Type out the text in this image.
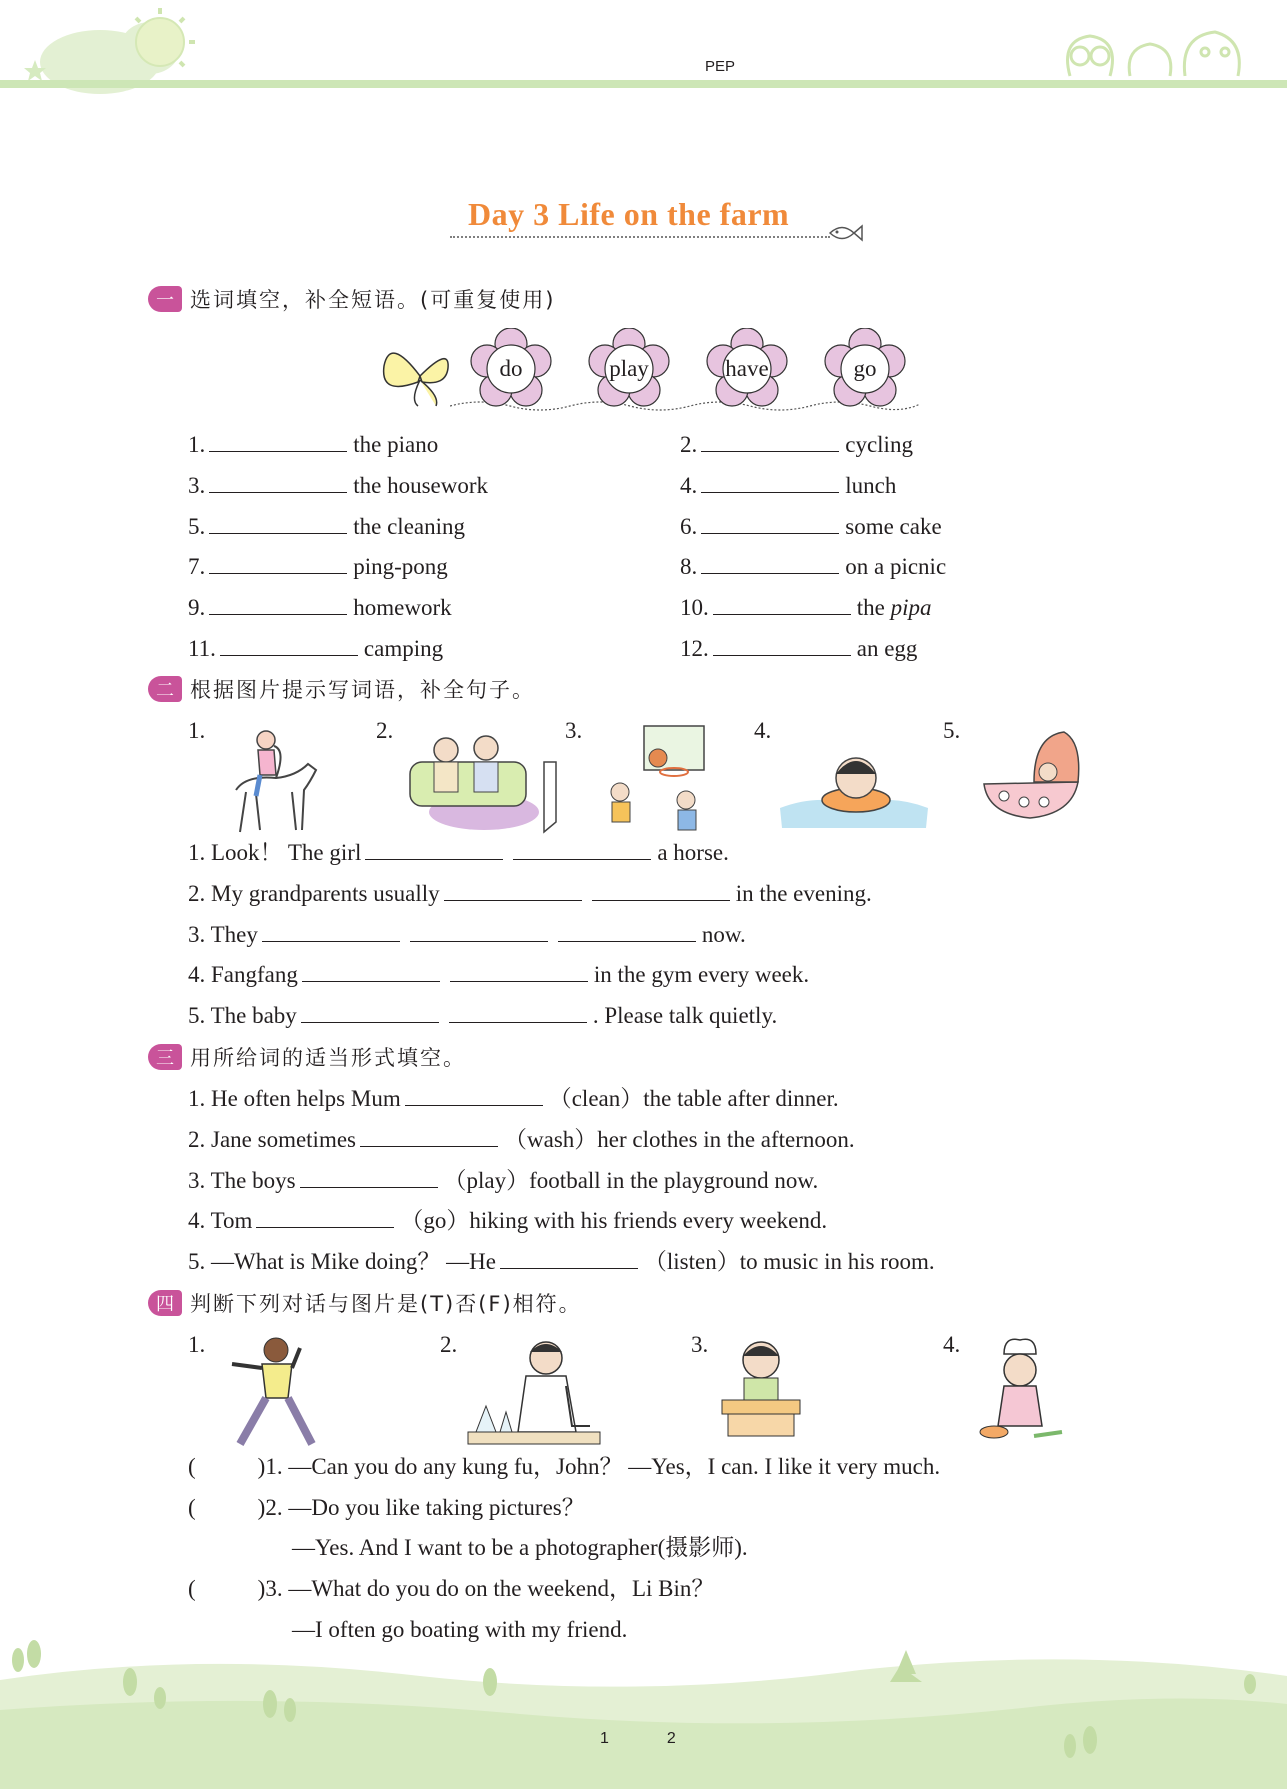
PEP
Day 3 Life on the farm
一 选词填空，补全短语。(可重复使用)
do	play	have	go
1.	the piano	2.	cycling
3.	the housework	4.	lunch
5.	the cleaning	6.	some cake
7.	ping-pong	8.	on a picnic
9.	homework	10.	the pipa
11.	camping	12.	an egg
二 根据图片提示写词语，补全句子。
1.	2.	3.	4.	5.
1. Look！ The girl	a horse.
2. My grandparents usually	in the evening.
3. They	now.
4. Fangfang	in the gym every week.
5. The baby	. Please talk quietly.
三 用所给词的适当形式填空。
1. He often helps Mum	（clean）the table after dinner.
2. Jane sometimes	（wash）her clothes in the afternoon.
3. The boys	（play）football in the playground now.
4. Tom	（go）hiking with his friends every weekend.
5. —What is Mike doing？ —He	（listen）to music in his room.
四 判断下列对话与图片是(T)否(F)相符。
1.	2.	3.	4.
(	)1. —Can you do any kung fu，John？ —Yes，I can. I like it very much.
(	)2. —Do you like taking pictures？
—Yes. And I want to be a photographer(摄影师).
(	)3. —What do you do on the weekend，Li Bin？
—I often go boating with my friend.
1	2
